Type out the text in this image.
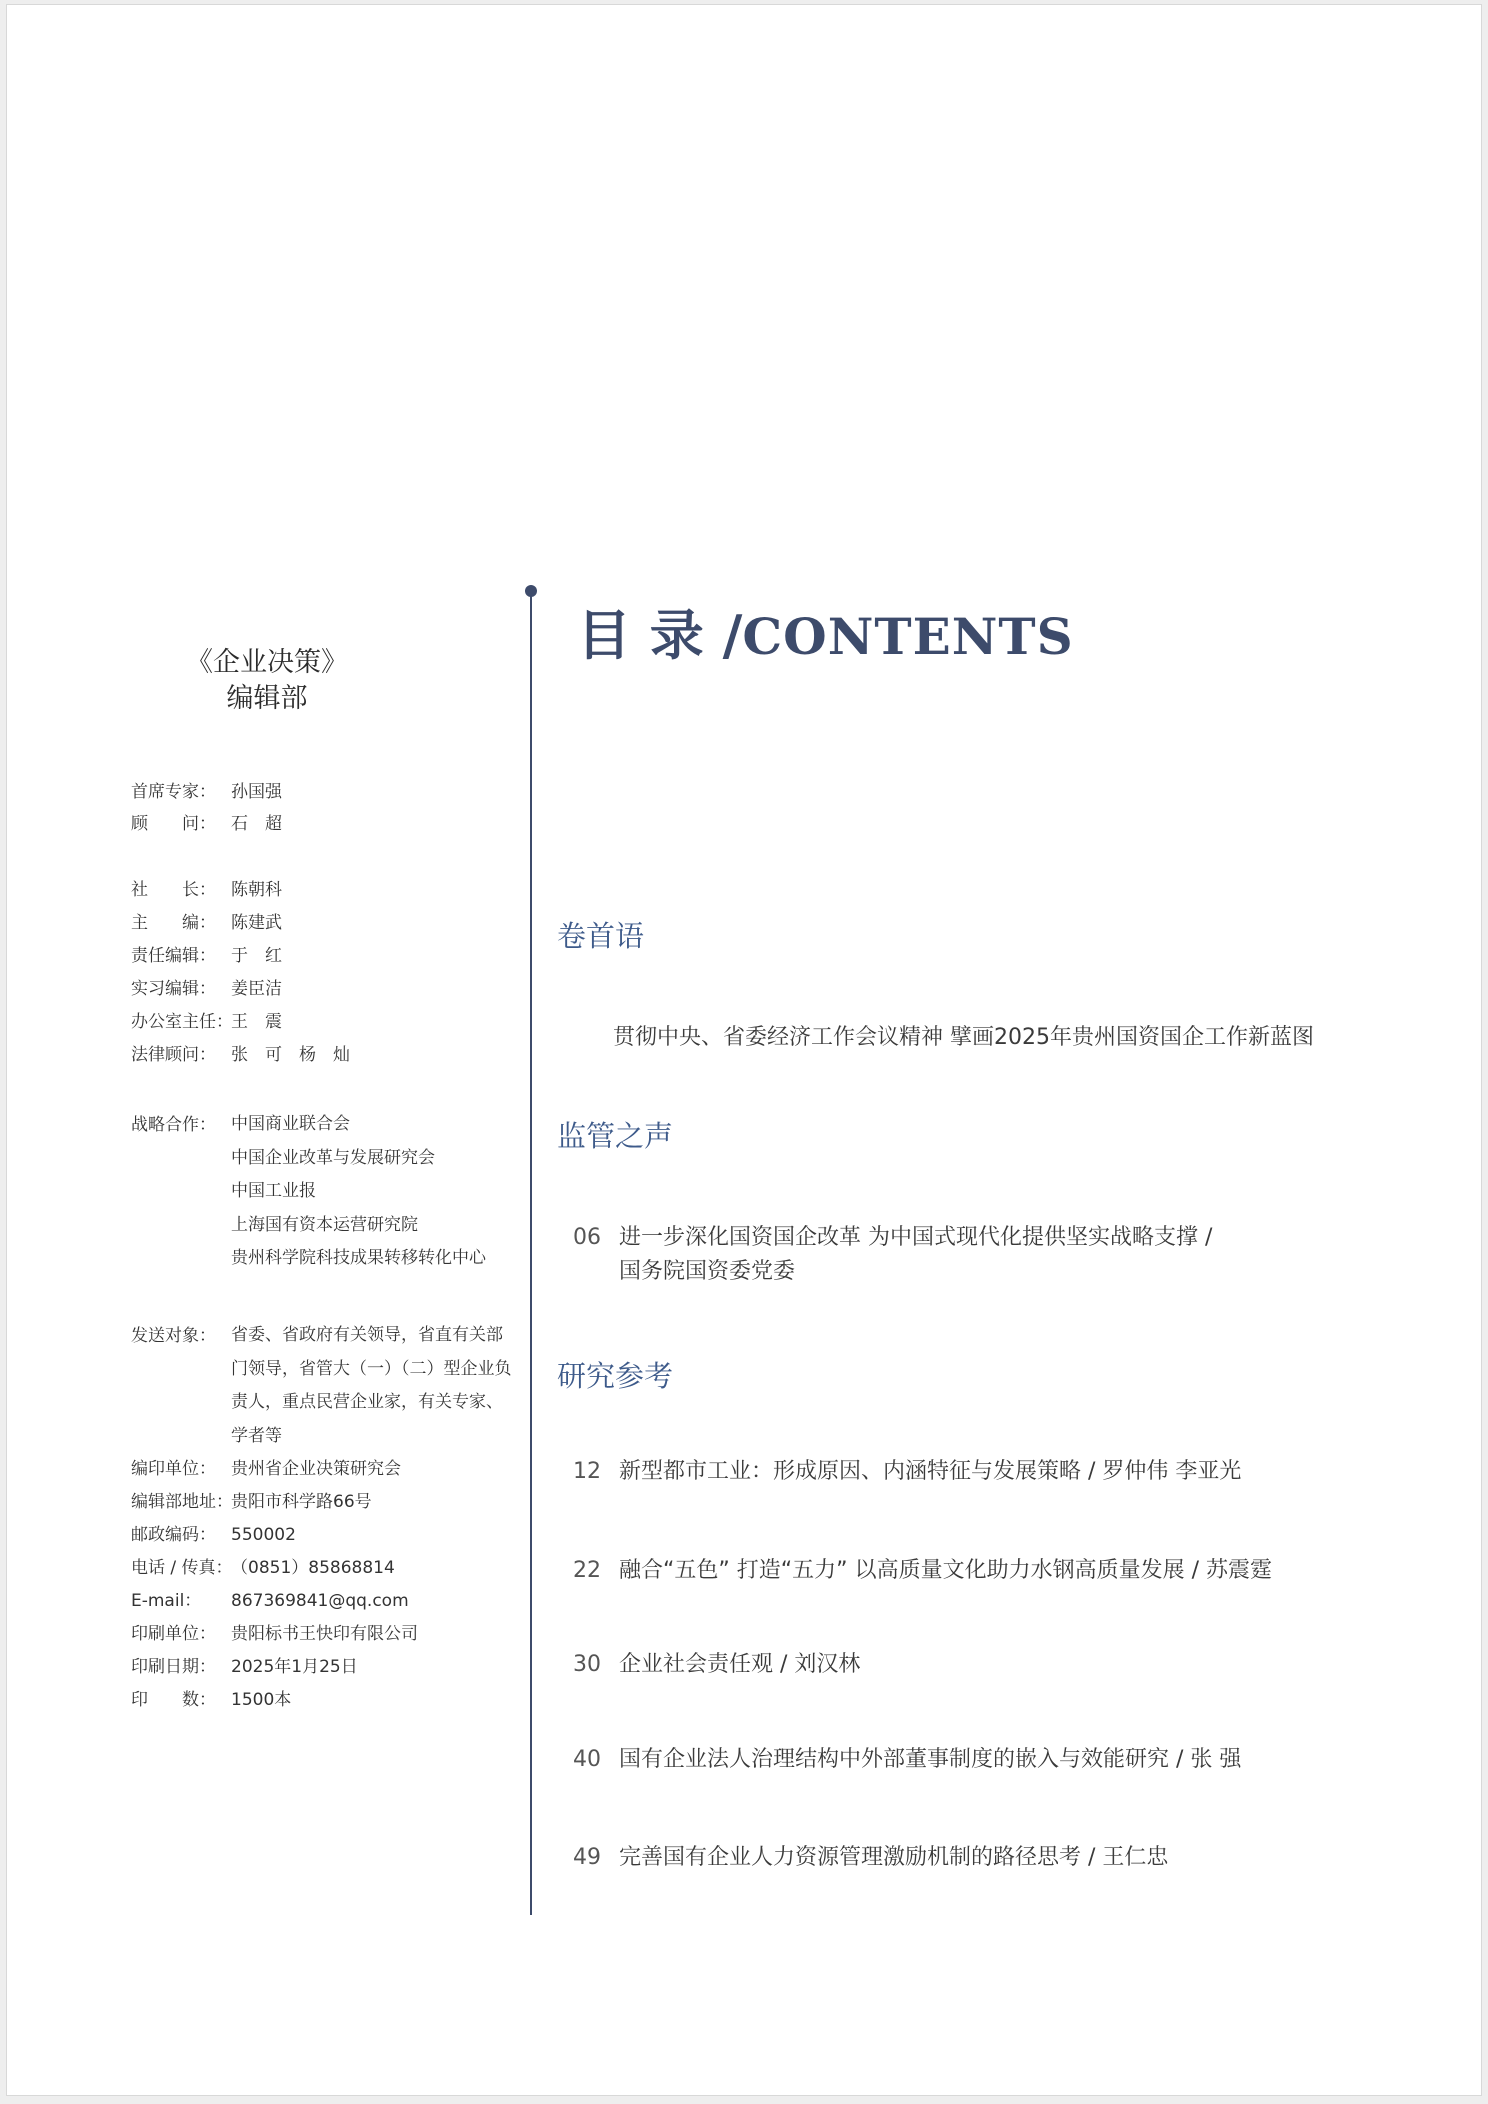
《企业决策》
编辑部
首席专家： 孙国强
顾　　问： 石　超
社　　长： 陈朝科
主　　编： 陈建武
责任编辑： 于　红
实习编辑： 姜臣洁
办公室主任：
王　震
法律顾问： 张　可　杨　灿
战略合作： 中国商业联合会
中国企业改革与发展研究会
中国工业报
上海国有资本运营研究院
贵州科学院科技成果转移转化中心
发送对象： 省委、省政府有关领导，省直有关部
门领导，省管大（一）（二）型企业负
责人，重点民营企业家，有关专家、
学者等
编印单位： 贵州省企业决策研究会
编辑部地址：
贵阳市科学路66号
邮政编码： 550002
电话 / 传真：
（0851）85868814
E-mail： 867369841@qq.com
印刷单位： 贵阳标书王快印有限公司
印刷日期： 2025年1月25日
印　　数： 1500本
目 录 /CONTENTS
卷首语
贯彻中央、省委经济工作会议精神 擘画2025年贵州国资国企工作新蓝图
监管之声
06 进一步深化国资国企改革 为中国式现代化提供坚实战略支撑 /
国务院国资委党委
研究参考
12 新型都市工业：形成原因、内涵特征与发展策略 / 罗仲伟 李亚光
22 融合“五色” 打造“五力” 以高质量文化助力水钢高质量发展 / 苏震霆
30 企业社会责任观 / 刘汉林
40 国有企业法人治理结构中外部董事制度的嵌入与效能研究 / 张 强
49 完善国有企业人力资源管理激励机制的路径思考 / 王仁忠
